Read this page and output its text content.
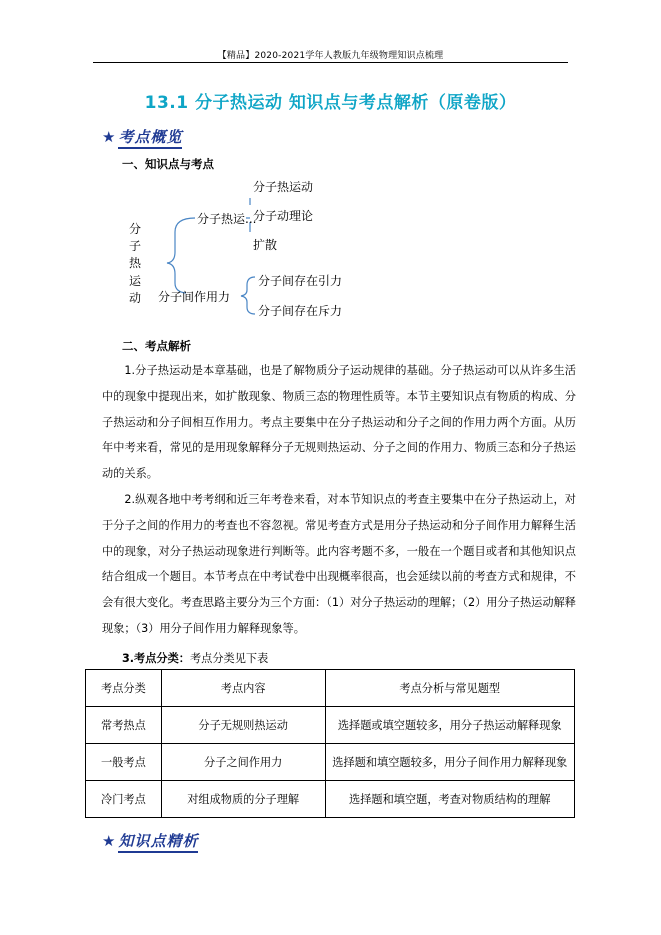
【精品】2020-2021学年人教版九年级物理知识点梳理
13.1 分子热运动 知识点与考点解析（原卷版）
★ 考点概览
一、知识点与考点
分
子
热
运
动
分子热运...
分子热运动
分子动理论
扩散
分子间作用力
分子间存在引力
分子间存在斥力
二、考点解析

1.分子热运动是本章基础，也是了解物质分子运动规律的基础。分子热运动可以从许多生活中的现象中提现出来，如扩散现象、物质三态的物理性质等。本节主要知识点有物质的构成、分子热运动和分子间相互作用力。考点主要集中在分子热运动和分子之间的作用力两个方面。从历年中考来看，常见的是用现象解释分子无规则热运动、分子之间的作用力、物质三态和分子热运动的关系。

2.纵观各地中考考纲和近三年考卷来看，对本节知识点的考查主要集中在分子热运动上，对于分子之间的作用力的考查也不容忽视。常见考查方式是用分子热运动和分子间作用力解释生活中的现象，对分子热运动现象进行判断等。此内容考题不多，一般在一个题目或者和其他知识点结合组成一个题目。本节考点在中考试卷中出现概率很高，也会延续以前的考查方式和规律，不会有很大变化。考查思路主要分为三个方面：（1）对分子热运动的理解；（2）用分子热运动解释现象；（3）用分子间作用力解释现象等。

3.考点分类：考点分类见下表
考点分类	考点内容	考点分析与常见题型
常考热点	分子无规则热运动	选择题或填空题较多，用分子热运动解释现象
一般考点	分子之间作用力	选择题和填空题较多，用分子间作用力解释现象
冷门考点	对组成物质的分子理解	选择题和填空题，考查对物质结构的理解
★ 知识点精析
